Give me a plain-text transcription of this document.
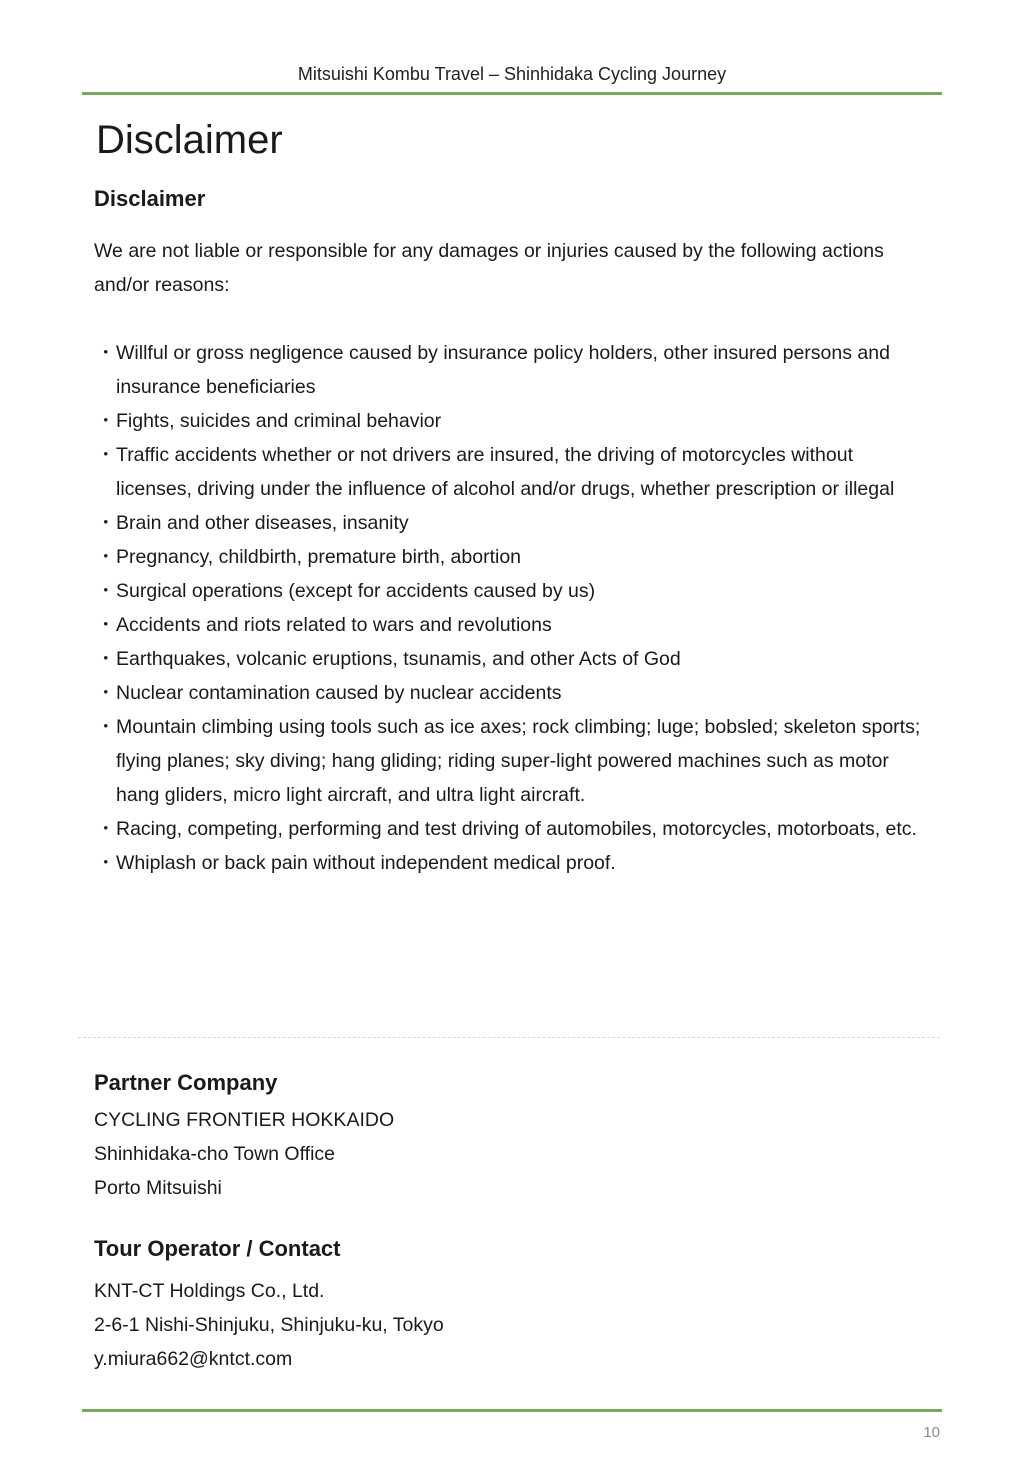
Mitsuishi Kombu Travel – Shinhidaka Cycling Journey
Disclaimer
Disclaimer

We are not liable or responsible for any damages or injuries caused by the following actions and/or reasons:

・ Willful or gross negligence caused by insurance policy holders, other insured persons and insurance beneficiaries
・ Fights, suicides and criminal behavior
・ Traffic accidents whether or not drivers are insured, the driving of motorcycles without licenses, driving under the influence of alcohol and/or drugs, whether prescription or illegal
・ Brain and other diseases, insanity
・ Pregnancy, childbirth, premature birth, abortion
・ Surgical operations (except for accidents caused by us)
・ Accidents and riots related to wars and revolutions
・ Earthquakes, volcanic eruptions, tsunamis, and other Acts of God
・ Nuclear contamination caused by nuclear accidents
・ Mountain climbing using tools such as ice axes; rock climbing; luge; bobsled; skeleton sports; flying planes; sky diving; hang gliding; riding super-light powered machines such as motor hang gliders, micro light aircraft, and ultra light aircraft.
・ Racing, competing, performing and test driving of automobiles, motorcycles, motorboats, etc.
・ Whiplash or back pain without independent medical proof.
Partner Company
CYCLING FRONTIER HOKKAIDO
Shinhidaka-cho Town Office
Porto Mitsuishi
Tour Operator / Contact
KNT-CT Holdings Co., Ltd.
2-6-1 Nishi-Shinjuku, Shinjuku-ku, Tokyo
y.miura662@kntct.com
10
